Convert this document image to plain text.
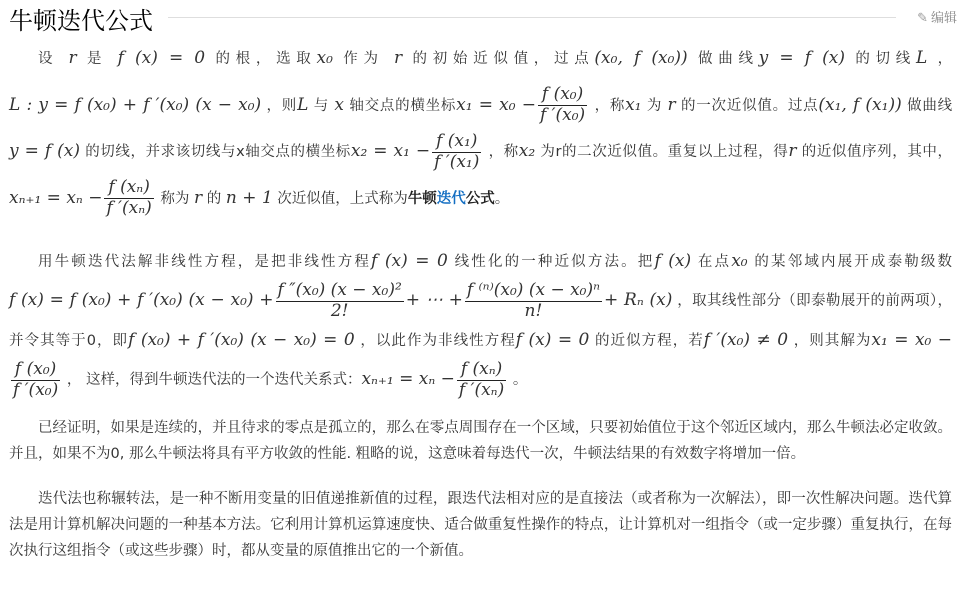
牛顿迭代公式	✎ 编辑

设 r 是 f (x) = 0 的根，选取x₀ 作为 r 的初始近似值，过点(x₀, f (x₀)) 做曲线y = f (x) 的切线L ， L : y = f (x₀) + f ′(x₀) (x − x₀) ，则L 与 x 轴交点的横坐标$x_1 = x_0 - \frac{\text{f (x₀)}}{\text{f ′(x₀)}}$ ，称x₁ 为 r 的一次近似值。过点(x₁, f (x₁)) 做曲线y = f (x) 的切线，并求该切线与x轴交点的横坐标$x_2 = x_1 - \frac{\text{f (x₁)}}{\text{f ′(x₁)}}$ ，称x₂ 为r的二次近似值。重复以上过程，得r 的近似值序列，其中，$x_{n+1} = x_n - \frac{\text{f (xₙ)}}{\text{f ′(xₙ)}}$ 称为 r 的 n + 1 次近似值，上式称为牛顿迭代公式。

用牛顿迭代法解非线性方程，是把非线性方程f (x) = 0 线性化的一种近似方法。把f (x) 在点x₀ 的某邻域内展开成泰勒级数f (x) = f (x₀) + f ′(x₀) $(x - x_0) + \frac{\text{f ″(x₀) (x − x₀)²}}{2!}$ + ⋯ + $\frac{\text{f ⁽ⁿ⁾(x₀) (x − x₀)ⁿ}}{n!} + R_n$ (x) ，取其线性部分（即泰勒展开的前两项），并令其等于0，即f (x₀) + f ′(x₀) (x − x₀) = 0 ，以此作为非线性方程f (x) = 0 的近似方程，若f ′(x₀) ≠ 0 ，则其解为x₁ = x₀ −
$\frac{\text{f (x₀)}}{\text{f ′(x₀)}}$ ， 这样，得到牛顿迭代法的一个迭代关系式：$x_{n+1} = x_n - \frac{\text{f (xₙ)}}{\text{f ′(xₙ)}}$ 。

已经证明，如果是连续的，并且待求的零点是孤立的，那么在零点周围存在一个区域，只要初始值位于这个邻近区域内，那么牛顿法必定收敛。 并且，如果不为0, 那么牛顿法将具有平方收敛的性能. 粗略的说，这意味着每迭代一次，牛顿法结果的有效数字将增加一倍。

迭代法也称辗转法，是一种不断用变量的旧值递推新值的过程，跟迭代法相对应的是直接法（或者称为一次解法），即一次性解决问题。迭代算法是用计算机解决问题的一种基本方法。它利用计算机运算速度快、适合做重复性操作的特点，让计算机对一组指令（或一定步骤）重复执行，在每次执行这组指令（或这些步骤）时，都从变量的原值推出它的一个新值。
